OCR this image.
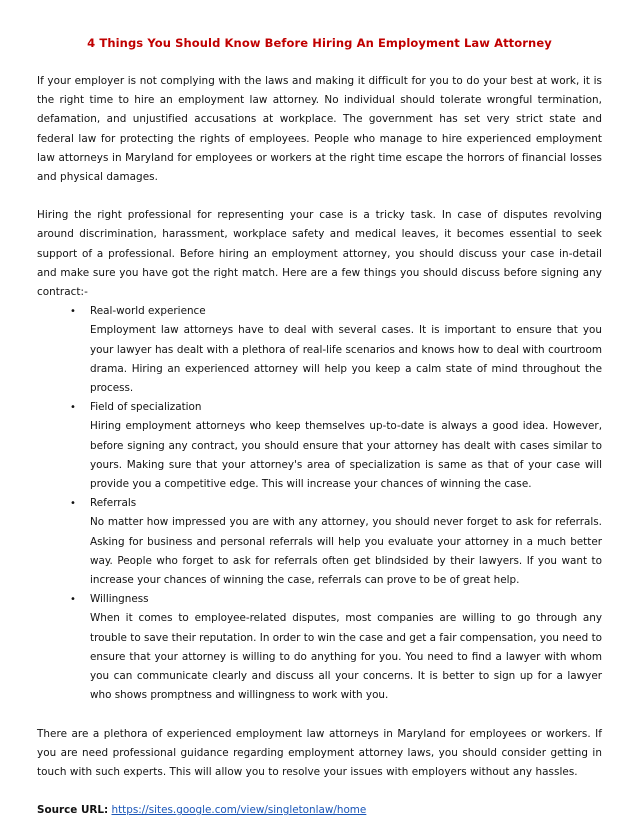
4 Things You Should Know Before Hiring An Employment Law Attorney

If your employer is not complying with the laws and making it difficult for you to do your best at work, it is the right time to hire an employment law attorney. No individual should tolerate wrongful termination, defamation, and unjustified accusations at workplace. The government has set very strict state and federal law for protecting the rights of employees. People who manage to hire experienced employment law attorneys in Maryland for employees or workers at the right time escape the horrors of financial losses and physical damages.

Hiring the right professional for representing your case is a tricky task. In case of disputes revolving around discrimination, harassment, workplace safety and medical leaves, it becomes essential to seek support of a professional. Before hiring an employment attorney, you should discuss your case in-detail and make sure you have got the right match. Here are a few things you should discuss before signing any contract:-

• Real-world experience
Employment law attorneys have to deal with several cases. It is important to ensure that you your lawyer has dealt with a plethora of real-life scenarios and knows how to deal with courtroom drama. Hiring an experienced attorney will help you keep a calm state of mind throughout the process.
• Field of specialization
Hiring employment attorneys who keep themselves up-to-date is always a good idea. However, before signing any contract, you should ensure that your attorney has dealt with cases similar to yours. Making sure that your attorney's area of specialization is same as that of your case will provide you a competitive edge. This will increase your chances of winning the case.
• Referrals
No matter how impressed you are with any attorney, you should never forget to ask for referrals. Asking for business and personal referrals will help you evaluate your attorney in a much better way. People who forget to ask for referrals often get blindsided by their lawyers. If you want to increase your chances of winning the case, referrals can prove to be of great help.
• Willingness
When it comes to employee-related disputes, most companies are willing to go through any trouble to save their reputation. In order to win the case and get a fair compensation, you need to ensure that your attorney is willing to do anything for you. You need to find a lawyer with whom you can communicate clearly and discuss all your concerns. It is better to sign up for a lawyer who shows promptness and willingness to work with you.

There are a plethora of experienced employment law attorneys in Maryland for employees or workers. If you are need professional guidance regarding employment attorney laws, you should consider getting in touch with such experts. This will allow you to resolve your issues with employers without any hassles.

Source URL: https://sites.google.com/view/singletonlaw/home
